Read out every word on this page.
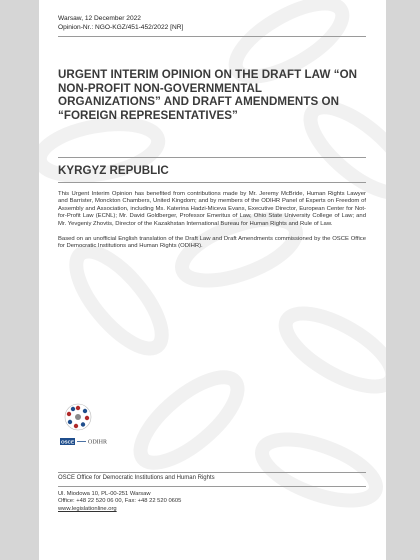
Warsaw, 12 December 2022
Opinion-Nr.: NGO-KGZ/451-452/2022 [NR]
URGENT INTERIM OPINION ON THE DRAFT LAW “ON NON-PROFIT NON-GOVERNMENTAL ORGANIZATIONS” AND DRAFT AMENDMENTS ON “FOREIGN REPRESENTATIVES”
KYRGYZ REPUBLIC
This Urgent Interim Opinion has benefited from contributions made by Mr. Jeremy McBride, Human Rights Lawyer and Barrister, Monckton Chambers, United Kingdom; and by members of the ODIHR Panel of Experts on Freedom of Assembly and Association, including Ms. Katerina Hadzi-Miceva Evans, Executive Director, European Center for Not-for-Profit Law (ECNL); Mr. David Goldberger, Professor Emeritus of Law, Ohio State University College of Law; and Mr. Yevgeniy Zhovtis, Director of the Kazakhstan International Bureau for Human Rights and Rule of Law.
Based on an unofficial English translation of the Draft Law and Draft Amendments commissioned by the OSCE Office for Democratic Institutions and Human Rights (ODIHR).
OSCE ODIHR
OSCE Office for Democratic Institutions and Human Rights
Ul. Miodowa 10, PL-00-251 Warsaw
Office: +48 22 520 06 00, Fax: +48 22 520 0605
www.legislationline.org
